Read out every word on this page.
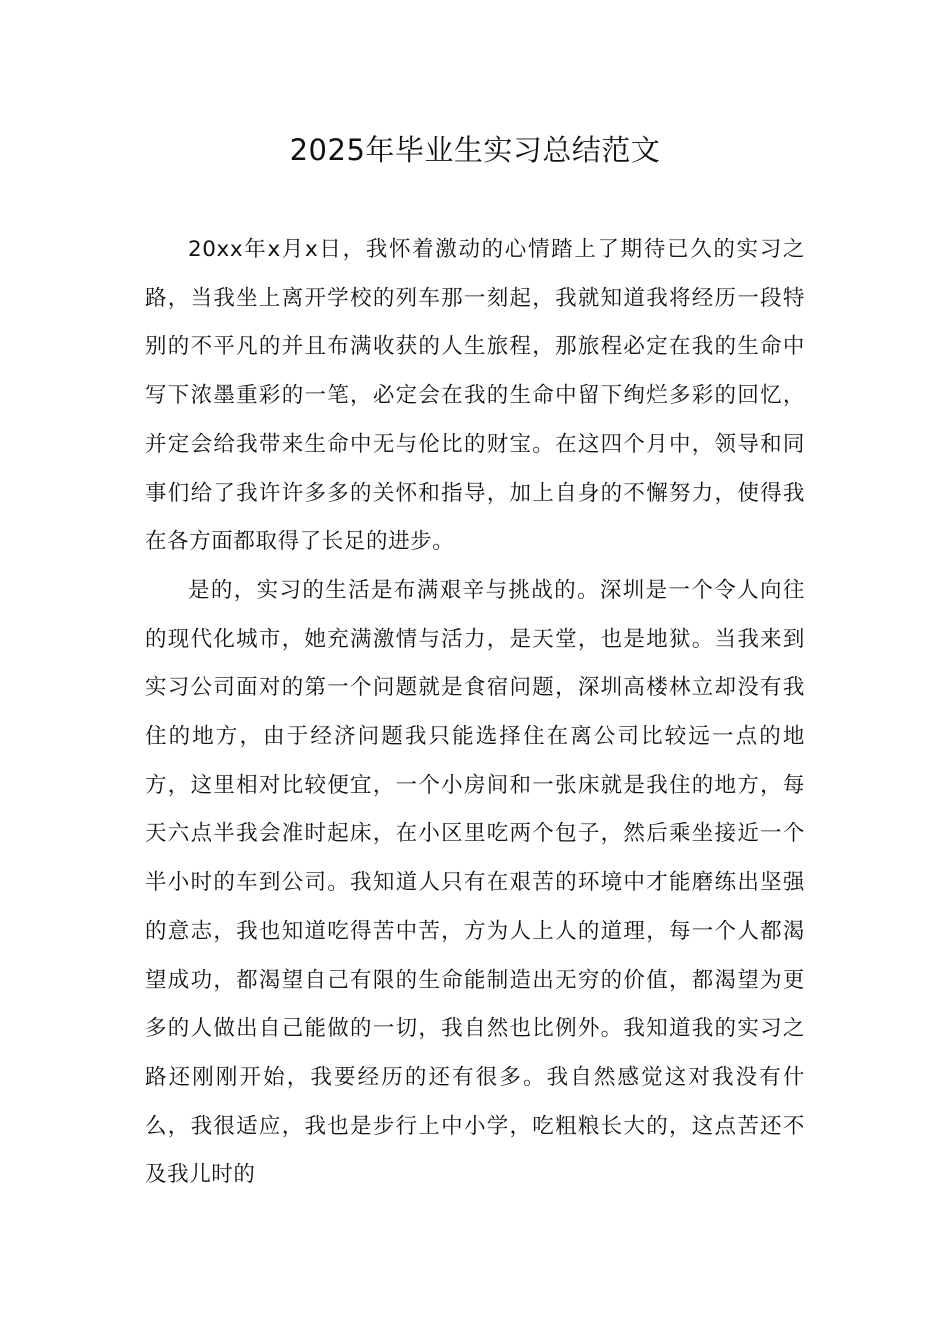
2025年毕业生实习总结范文

20xx年x月x日，我怀着激动的心情踏上了期待已久的实习之路，当我坐上离开学校的列车那一刻起，我就知道我将经历一段特别的不平凡的并且布满收获的人生旅程，那旅程必定在我的生命中写下浓墨重彩的一笔，必定会在我的生命中留下绚烂多彩的回忆，并定会给我带来生命中无与伦比的财宝。在这四个月中，领导和同事们给了我许许多多的关怀和指导，加上自身的不懈努力，使得我在各方面都取得了长足的进步。

是的，实习的生活是布满艰辛与挑战的。深圳是一个令人向往的现代化城市，她充满激情与活力，是天堂，也是地狱。当我来到实习公司面对的第一个问题就是食宿问题，深圳高楼林立却没有我住的地方，由于经济问题我只能选择住在离公司比较远一点的地方，这里相对比较便宜，一个小房间和一张床就是我住的地方，每天六点半我会准时起床，在小区里吃两个包子，然后乘坐接近一个半小时的车到公司。我知道人只有在艰苦的环境中才能磨练出坚强的意志，我也知道吃得苦中苦，方为人上人的道理，每一个人都渴望成功，都渴望自己有限的生命能制造出无穷的价值，都渴望为更多的人做出自己能做的一切，我自然也比例外。我知道我的实习之路还刚刚开始，我要经历的还有很多。我自然感觉这对我没有什么，我很适应，我也是步行上中小学，吃粗粮长大的，这点苦还不及我儿时的
